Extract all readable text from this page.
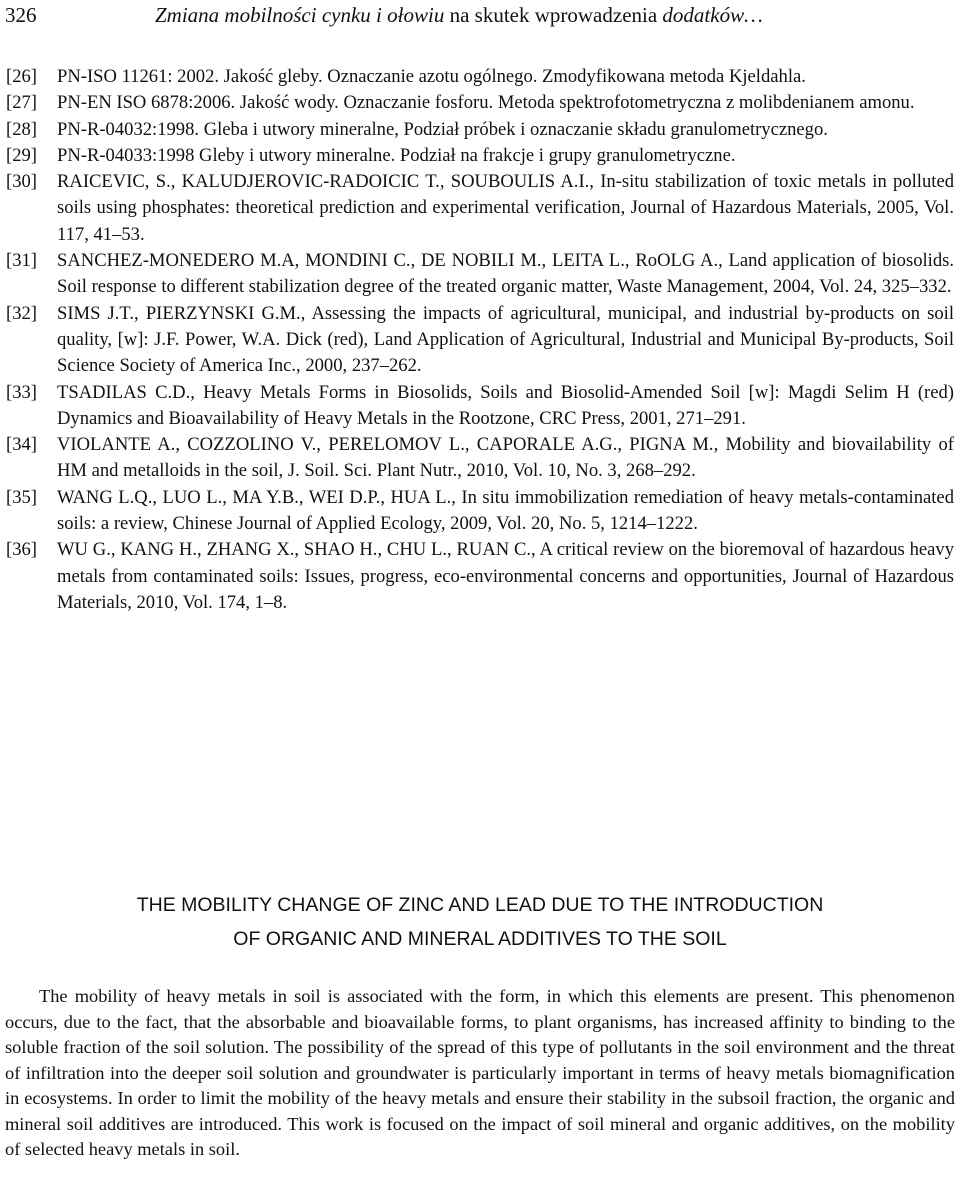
326	Zmiana mobilności cynku i ołowiu na skutek wprowadzenia dodatków…
[26] PN-ISO 11261: 2002. Jakość gleby. Oznaczanie azotu ogólnego. Zmodyfikowana metoda Kjeldahla.
[27] PN-EN ISO 6878:2006. Jakość wody. Oznaczanie fosforu. Metoda spektrofotometryczna z molibdenianem amonu.
[28] PN-R-04032:1998. Gleba i utwory mineralne, Podział próbek i oznaczanie składu granulometrycznego.
[29] PN-R-04033:1998 Gleby i utwory mineralne. Podział na frakcje i grupy granulometryczne.
[30] RAICEVIC, S., KALUDJEROVIC-RADOICIC T., SOUBOULIS A.I., In-situ stabilization of toxic metals in polluted soils using phosphates: theoretical prediction and experimental verification, Journal of Hazardous Materials, 2005, Vol. 117, 41–53.
[31] SANCHEZ-MONEDERO M.A, MONDINI C., DE NOBILI M., LEITA L., RoOLG A., Land application of biosolids. Soil response to different stabilization degree of the treated organic matter, Waste Management, 2004, Vol. 24, 325–332.
[32] SIMS J.T., PIERZYNSKI G.M., Assessing the impacts of agricultural, municipal, and industrial by-products on soil quality, [w]: J.F. Power, W.A. Dick (red), Land Application of Agricultural, Industrial and Municipal By-products, Soil Science Society of America Inc., 2000, 237–262.
[33] TSADILAS C.D., Heavy Metals Forms in Biosolids, Soils and Biosolid-Amended Soil [w]: Magdi Selim H (red) Dynamics and Bioavailability of Heavy Metals in the Rootzone, CRC Press, 2001, 271–291.
[34] VIOLANTE A., COZZOLINO V., PERELOMOV L., CAPORALE A.G., PIGNA M., Mobility and biovailability of HM and metalloids in the soil, J. Soil. Sci. Plant Nutr., 2010, Vol. 10, No. 3, 268–292.
[35] WANG L.Q., LUO L., MA Y.B., WEI D.P., HUA L., In situ immobilization remediation of heavy metals-contaminated soils: a review, Chinese Journal of Applied Ecology, 2009, Vol. 20, No. 5, 1214–1222.
[36] WU G., KANG H., ZHANG X., SHAO H., CHU L., RUAN C., A critical review on the bioremoval of hazardous heavy metals from contaminated soils: Issues, progress, eco-environmental concerns and opportunities, Journal of Hazardous Materials, 2010, Vol. 174, 1–8.
THE MOBILITY CHANGE OF ZINC AND LEAD DUE TO THE INTRODUCTION
OF ORGANIC AND MINERAL ADDITIVES TO THE SOIL
The mobility of heavy metals in soil is associated with the form, in which this elements are present. This phenomenon occurs, due to the fact, that the absorbable and bioavailable forms, to plant organisms, has increased affinity to binding to the soluble fraction of the soil solution. The possibility of the spread of this type of pollutants in the soil environment and the threat of infiltration into the deeper soil solution and groundwater is particularly important in terms of heavy metals biomagnification in ecosystems. In order to limit the mobility of the heavy metals and ensure their stability in the subsoil fraction, the organic and mineral soil additives are introduced. This work is focused on the impact of soil mineral and organic additives, on the mobility of selected heavy metals in soil.
